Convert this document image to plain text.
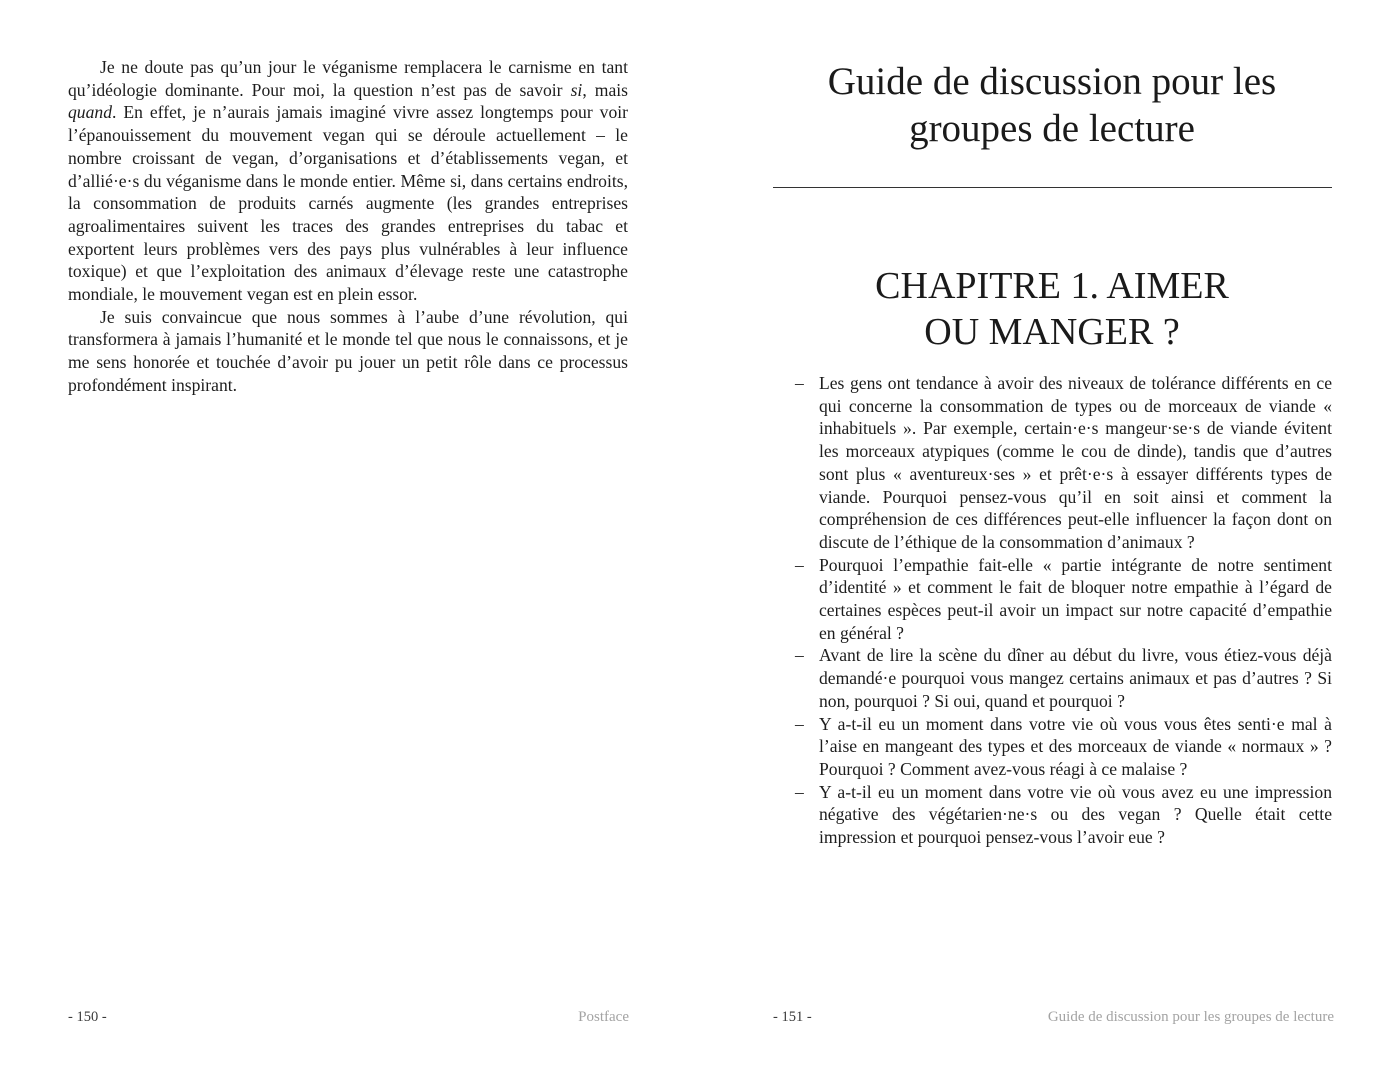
Je ne doute pas qu’un jour le véganisme remplacera le carnisme en tant qu’idéologie dominante. Pour moi, la question n’est pas de savoir si, mais quand. En effet, je n’aurais jamais imaginé vivre assez longtemps pour voir l’épanouissement du mouvement vegan qui se déroule actuellement – le nombre croissant de vegan, d’organisations et d’établissements vegan, et d’allié·e·s du véganisme dans le monde entier. Même si, dans certains endroits, la consommation de produits carnés augmente (les grandes entreprises agroalimentaires suivent les traces des grandes entreprises du tabac et exportent leurs problèmes vers des pays plus vulnérables à leur influence toxique) et que l’exploitation des animaux d’élevage reste une catastrophe mondiale, le mouvement vegan est en plein essor.

Je suis convaincue que nous sommes à l’aube d’une révolution, qui transformera à jamais l’humanité et le monde tel que nous le connaissons, et je me sens honorée et touchée d’avoir pu jouer un petit rôle dans ce processus profondément inspirant.

- 150 -	Postface
Guide de discussion pour les groupes de lecture
CHAPITRE 1. AIMER
OU MANGER ?
– Les gens ont tendance à avoir des niveaux de tolérance différents en ce qui concerne la consommation de types ou de morceaux de viande « inhabituels ». Par exemple, certain·e·s mangeur·se·s de viande évitent les morceaux atypiques (comme le cou de dinde), tandis que d’autres sont plus « aventureux·ses » et prêt·e·s à essayer différents types de viande. Pourquoi pensez-vous qu’il en soit ainsi et comment la compréhension de ces différences peut-elle influencer la façon dont on discute de l’éthique de la consommation d’animaux ?
– Pourquoi l’empathie fait-elle « partie intégrante de notre sentiment d’identité » et comment le fait de bloquer notre empathie à l’égard de certaines espèces peut-il avoir un impact sur notre capacité d’empathie en général ?
– Avant de lire la scène du dîner au début du livre, vous étiez-vous déjà demandé·e pourquoi vous mangez certains animaux et pas d’autres ? Si non, pourquoi ? Si oui, quand et pourquoi ?
– Y a-t-il eu un moment dans votre vie où vous vous êtes senti·e mal à l’aise en mangeant des types et des morceaux de viande « normaux » ? Pourquoi ? Comment avez-vous réagi à ce malaise ?
– Y a-t-il eu un moment dans votre vie où vous avez eu une impression négative des végétarien·ne·s ou des vegan ? Quelle était cette impression et pourquoi pensez-vous l’avoir eue ?
- 151 -	Guide de discussion pour les groupes de lecture
